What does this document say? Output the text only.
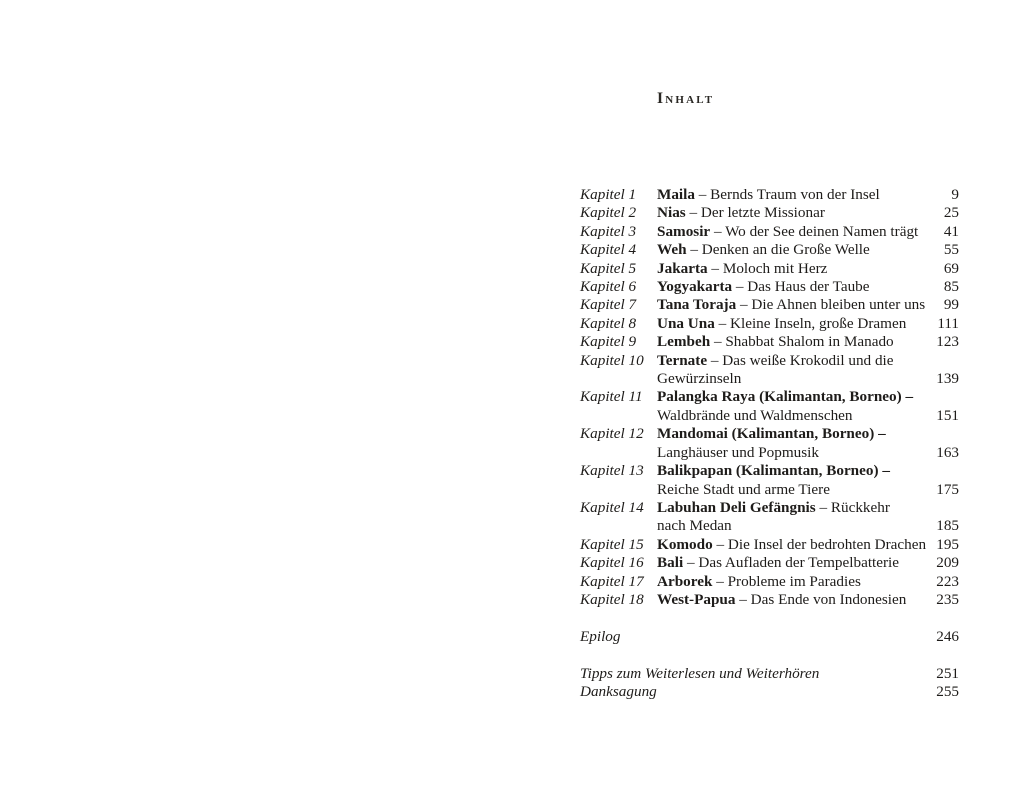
Inhalt
Kapitel 1	Maila – Bernds Traum von der Insel	9
Kapitel 2	Nias – Der letzte Missionar	25
Kapitel 3	Samosir – Wo der See deinen Namen trägt	41
Kapitel 4	Weh – Denken an die Große Welle	55
Kapitel 5	Jakarta – Moloch mit Herz	69
Kapitel 6	Yogyakarta – Das Haus der Taube	85
Kapitel 7	Tana Toraja – Die Ahnen bleiben unter uns	99
Kapitel 8	Una Una – Kleine Inseln, große Dramen	111
Kapitel 9	Lembeh – Shabbat Shalom in Manado	123
Kapitel 10 Ternate – Das weiße Krokodil und die
Gewürzinseln	139
Kapitel 11 Palangka Raya (Kalimantan, Borneo) –
Waldbrände und Waldmenschen	151
Kapitel 12 Mandomai (Kalimantan, Borneo) –
Langhäuser und Popmusik	163
Kapitel 13 Balikpapan (Kalimantan, Borneo) –
Reiche Stadt und arme Tiere	175
Kapitel 14 Labuhan Deli Gefängnis – Rückkehr
nach Medan	185
Kapitel 15 Komodo – Die Insel der bedrohten Drachen 195
Kapitel 16 Bali – Das Aufladen der Tempelbatterie	209
Kapitel 17 Arborek – Probleme im Paradies	223
Kapitel 18 West-Papua – Das Ende von Indonesien	235
Epilog	246
Tipps zum Weiterlesen und Weiterhören	251
Danksagung	255
